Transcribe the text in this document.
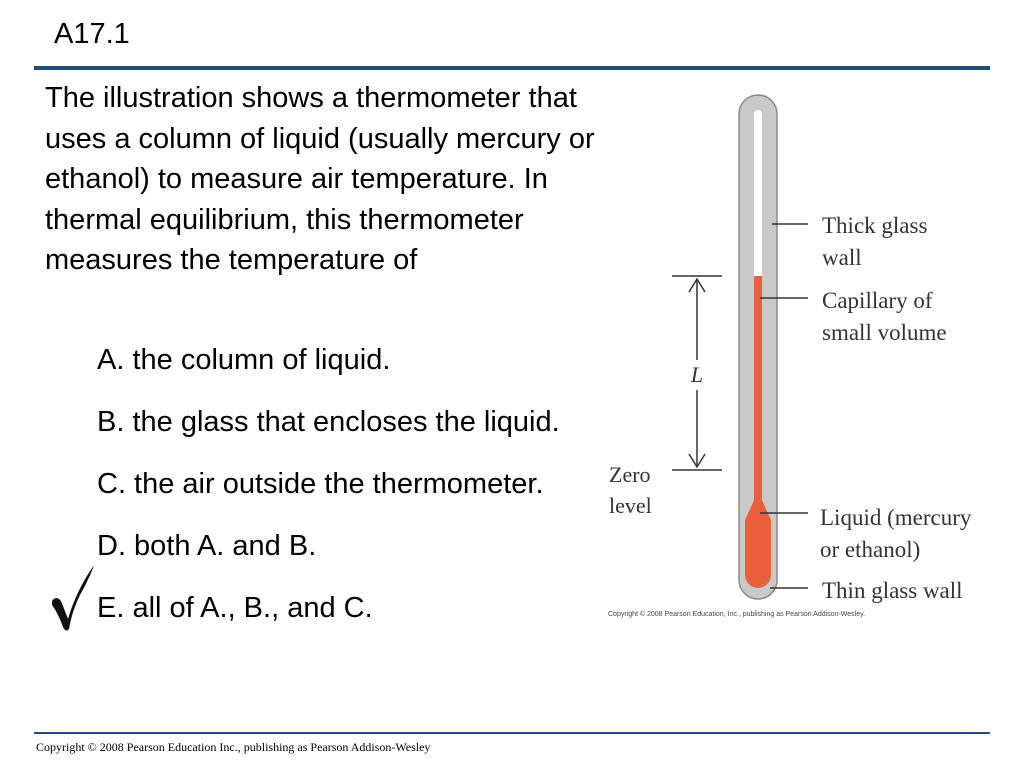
A17.1
The illustration shows a thermometer that uses a column of liquid (usually mercury or ethanol) to measure air temperature. In thermal equilibrium, this thermometer measures the temperature of
A. the column of liquid.
B. the glass that encloses the liquid.
C. the air outside the thermometer.
D. both A. and B.
E. all of A., B., and C.
L
Thick glass
wall
Capillary of
small volume
Liquid (mercury
or ethanol)
Thin glass wall
Zero
level
Copyright © 2008 Pearson Education, Inc., publishing as Pearson Addison-Wesley.
Copyright © 2008 Pearson Education Inc., publishing as Pearson Addison-Wesley
